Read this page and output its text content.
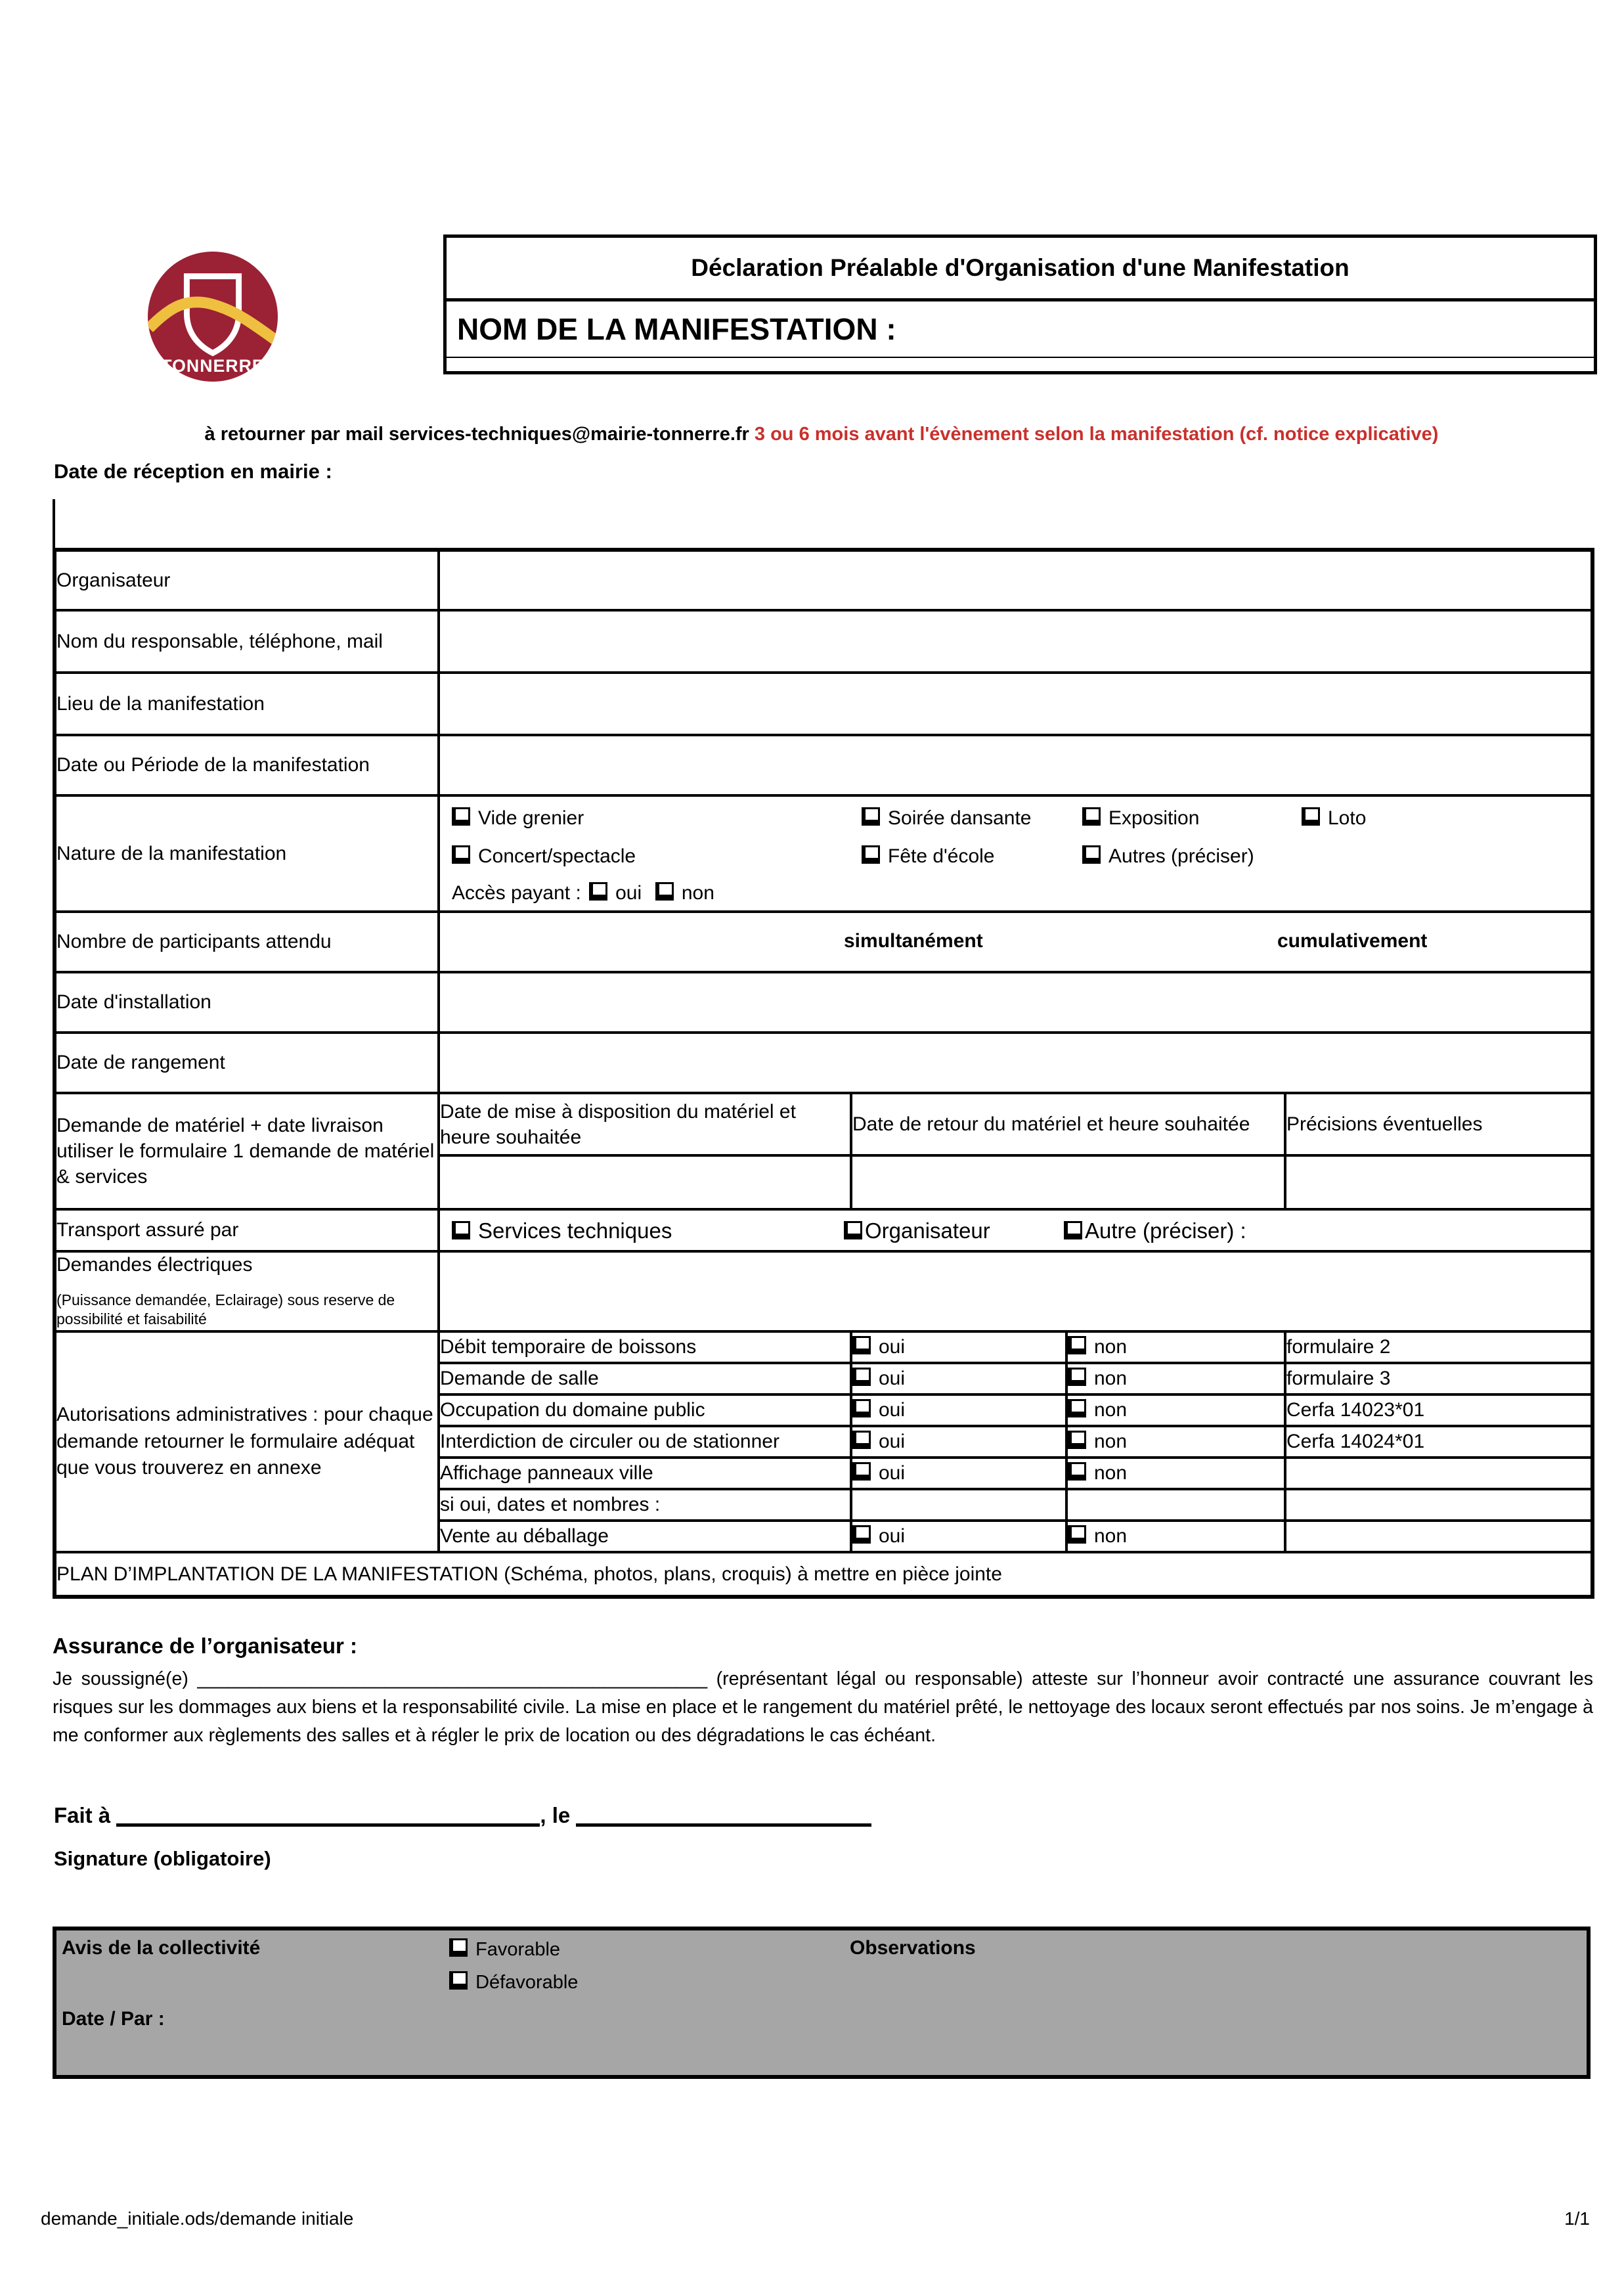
TONNERRE
Déclaration Préalable d'Organisation d'une Manifestation
NOM DE LA MANIFESTATION :
à retourner par mail services-techniques@mairie-tonnerre.fr 3 ou 6 mois avant l'évènement selon la manifestation (cf. notice explicative)
Date de réception en mairie :
Organisateur				
Nom du responsable, téléphone, mail				
Lieu de la manifestation				
Date ou Période de la manifestation				
Nature de la manifestation	
Vide grenier	Soirée dansante	Exposition	Loto
Concert/spectacle	Fête d'école	Autres (préciser)
Accès payant : oui non

Nombre de participants attendu	simultanément cumulativement			

Date d'installation				
Date de rangement				
Demande de matériel + date livraison utiliser le formulaire 1 demande de matériel & services	Date de mise à disposition du matériel et heure souhaitée	Date de retour du matériel et heure souhaitée		Précisions éventuelles

Transport assuré par	Services techniques Organisateur Autre (préciser) :			

Demandes électriques
(Puissance demandée, Eclairage) sous reserve de possibilité et faisabilité				

Autorisations administratives : pour chaque demande retourner le formulaire adéquat que vous trouverez en annexe	Débit temporaire de boissons	oui	non	formulaire 2
	Demande de salle	oui	non	formulaire 3
	Occupation du domaine public	oui	non	Cerfa 14023*01
	Interdiction de circuler ou de stationner	oui	non	Cerfa 14024*01
	Affichage panneaux ville	oui	non	
	si oui, dates et nombres :			
	Vente au déballage	oui	non	
PLAN D’IMPLANTATION DE LA MANIFESTATION (Schéma, photos, plans, croquis) à mettre en pièce jointe				
Assurance de l’organisateur :

Je soussigné(e) _________________________________________________ (représentant légal ou responsable) atteste sur l’honneur avoir contracté une assurance couvrant les risques sur les dommages aux biens et la responsabilité civile. La mise en place et le rangement du matériel prêté, le nettoyage des locaux seront effectués par nos soins. Je m’engage à me conformer aux règlements des salles et à régler le prix de location ou des dégradations le cas échéant.

Fait à	, le
Signature (obligatoire)
Avis de la collectivité	Favorable
Défavorable
Observations
Date / Par :
demande_initiale.ods/demande initiale	1/1
